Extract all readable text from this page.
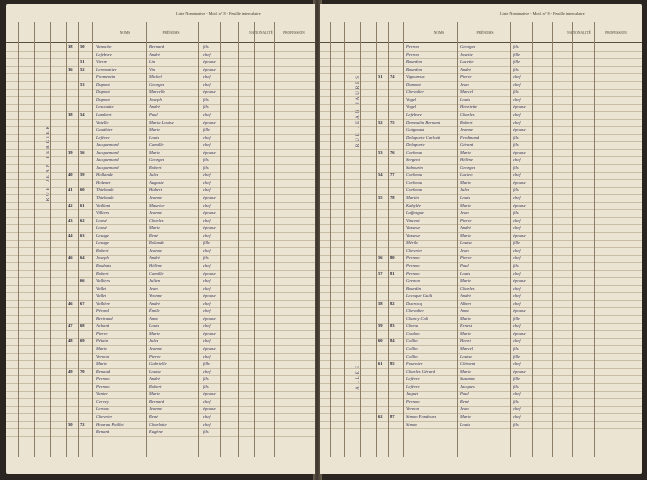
Liste Nominative - Mod. n° 8 - Feuille intercalaire
NOMS	PRÉNOMS	NATIONALITÉ	PROFESSION
RUE JEAN PERRIER
38 50 Vanoche	Bernard	fils
Lefebvre	André	chef
51 Vierre	Lin	épouse
36 52 Lermontier	Vin	épouse
Fromentin	Michel	chef
53 Dupont	Georges	chef
Dupont	Marcelle	épouse
Dupont	Joseph	fils
Lescautte	André	fils
38 54 Lambert	Paul	chef
Vatelle	Maria Louise	épouse
Gauthier	Marie	fille
Lefèvre	Louis	chef
Jacquemard	Camille	chef
39 56 Jacquemard	Marie	épouse
Jacquemard	Georges	fils
Jacquemard	Robert	fils
40 59 Hollande	Jules	chef
Holzner	Auguste	chef
41 60 Thiebault	Hubert	chef
Thiebault	Jeanne	épouse
42 61 Vaillant	Maurice	chef
Villiers	Jeanne	épouse
43 62 Loosé	Charles	chef
Loosé	Marie	épouse
44 63 Lesage	René	chef
Lesage	Rolande	fille
Robert	Jeanne	chef
46 64 Joseph	André	fils
Roubaix	Hélène	chef
Robert	Camille	épouse
66 Valliers	Julien	chef
Vallet	Jean	chef
Vallet	Yvonne	épouse
46 67 Vallière	André	chef
Pérard	Émile	chef
Bertrand	Anne	épouse
47 68 Achard	Louis	chef
Pierre	Marie	épouse
48 69 Pétain	Jules	chef
Marie	Jeanne	épouse
Vernon	Pierre	chef
Marie	Gabrielle	fille
49 70 Renaud	Louise	chef
Pernon	André	fils
Pernon	Robert	fils
Vanier	Marie	épouse
Cervey	Bernard	chef
Leroux	Jeanne	épouse
Chevrier	René	chef
50 72 Hoarau Paillet	Charlotte	chef
Renard	Eugène	fils
Liste Nominative - Mod. n° 8 - Feuille intercalaire
NOMS	PRÉNOMS	NATIONALITÉ	PROFESSION
RUE JEAN JAURÈS
ALLÉE
Perron	Georges	fils
Perron	Josette	fille
Bourdon	Lucette	fille
Bourdon	André	fils
51 74 Vigoureux	Pierre	chef
Dumont	Jean	chef
Chevalier	Marcel	fils
Vogel	Louis	chef
Vogel	Henriette	épouse
Lefebvre	Charles	chef
52 75 Demoulin Bernard	Robert	chef
Guignaud	Jeanne	épouse
Delaporte Carlotti	Ferdinand	fils
Delaporte	Gérard	fils
53 76 Corbeau	Marie	épouse
Sergent	Hélène	chef
Sabourin	Georges	fils
54 77 Corbeau	Lucien	chef
Corbeau	Marie	épouse
Corbeau	Jules	fils
55 78 Martin	Louis	chef
Kabylée	Marie	épouse
Laffargue	Jean	fils
Vincent	Pierre	chef
Vasseur	André	chef
Vasseur	Marie	épouse
Mérile	Louise	fille
Chevrier	Jean	chef
56 80 Pernon	Pierre	chef
Pernon	Paul	fils
57 81 Pernon	Louis	chef
Grenon	Marie	épouse
Bourdin	Charles	chef
Lecoque Guilt	André	chef
58 82 Ducrocq	Albert	chef
Chevalier	Anne	épouse
Charcy Coll	Marie	fille
59 83 Chenu	Ernest	chef
Coulon	Marie	épouse
60 84 Collin	Henri	chef
Collin	Marcel	fils
Collin	Louise	fille
61 85 Fournier	Clément	chef
Charles Gérard	Marie	épouse
Lefèvre	Suzanne	fille
Lefèvre	Jacques	fils
Jaquet	Paul	chef
Pernon	René	fils
Vernon	Jean	chef
62 87 Simon Fondeurs	Marie	chef
Simon	Louis	fils
